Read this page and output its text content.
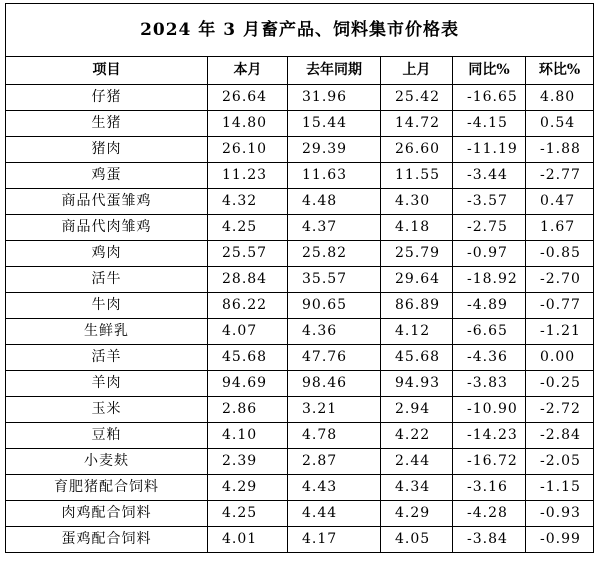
2024 年 3 月畜产品、饲料集市价格表					
项目	本月	去年同期	上月	同比%	环比%
仔猪	26.64	31.96	25.42	-16.65	4.80
生猪	14.80	15.44	14.72	-4.15	0.54
猪肉	26.10	29.39	26.60	-11.19	-1.88
鸡蛋	11.23	11.63	11.55	-3.44	-2.77
商品代蛋雏鸡	4.32	4.48	4.30	-3.57	0.47
商品代肉雏鸡	4.25	4.37	4.18	-2.75	1.67
鸡肉	25.57	25.82	25.79	-0.97	-0.85
活牛	28.84	35.57	29.64	-18.92	-2.70
牛肉	86.22	90.65	86.89	-4.89	-0.77
生鲜乳	4.07	4.36	4.12	-6.65	-1.21
活羊	45.68	47.76	45.68	-4.36	0.00
羊肉	94.69	98.46	94.93	-3.83	-0.25
玉米	2.86	3.21	2.94	-10.90	-2.72
豆粕	4.10	4.78	4.22	-14.23	-2.84
小麦麸	2.39	2.87	2.44	-16.72	-2.05
育肥猪配合饲料	4.29	4.43	4.34	-3.16	-1.15
肉鸡配合饲料	4.25	4.44	4.29	-4.28	-0.93
蛋鸡配合饲料	4.01	4.17	4.05	-3.84	-0.99
